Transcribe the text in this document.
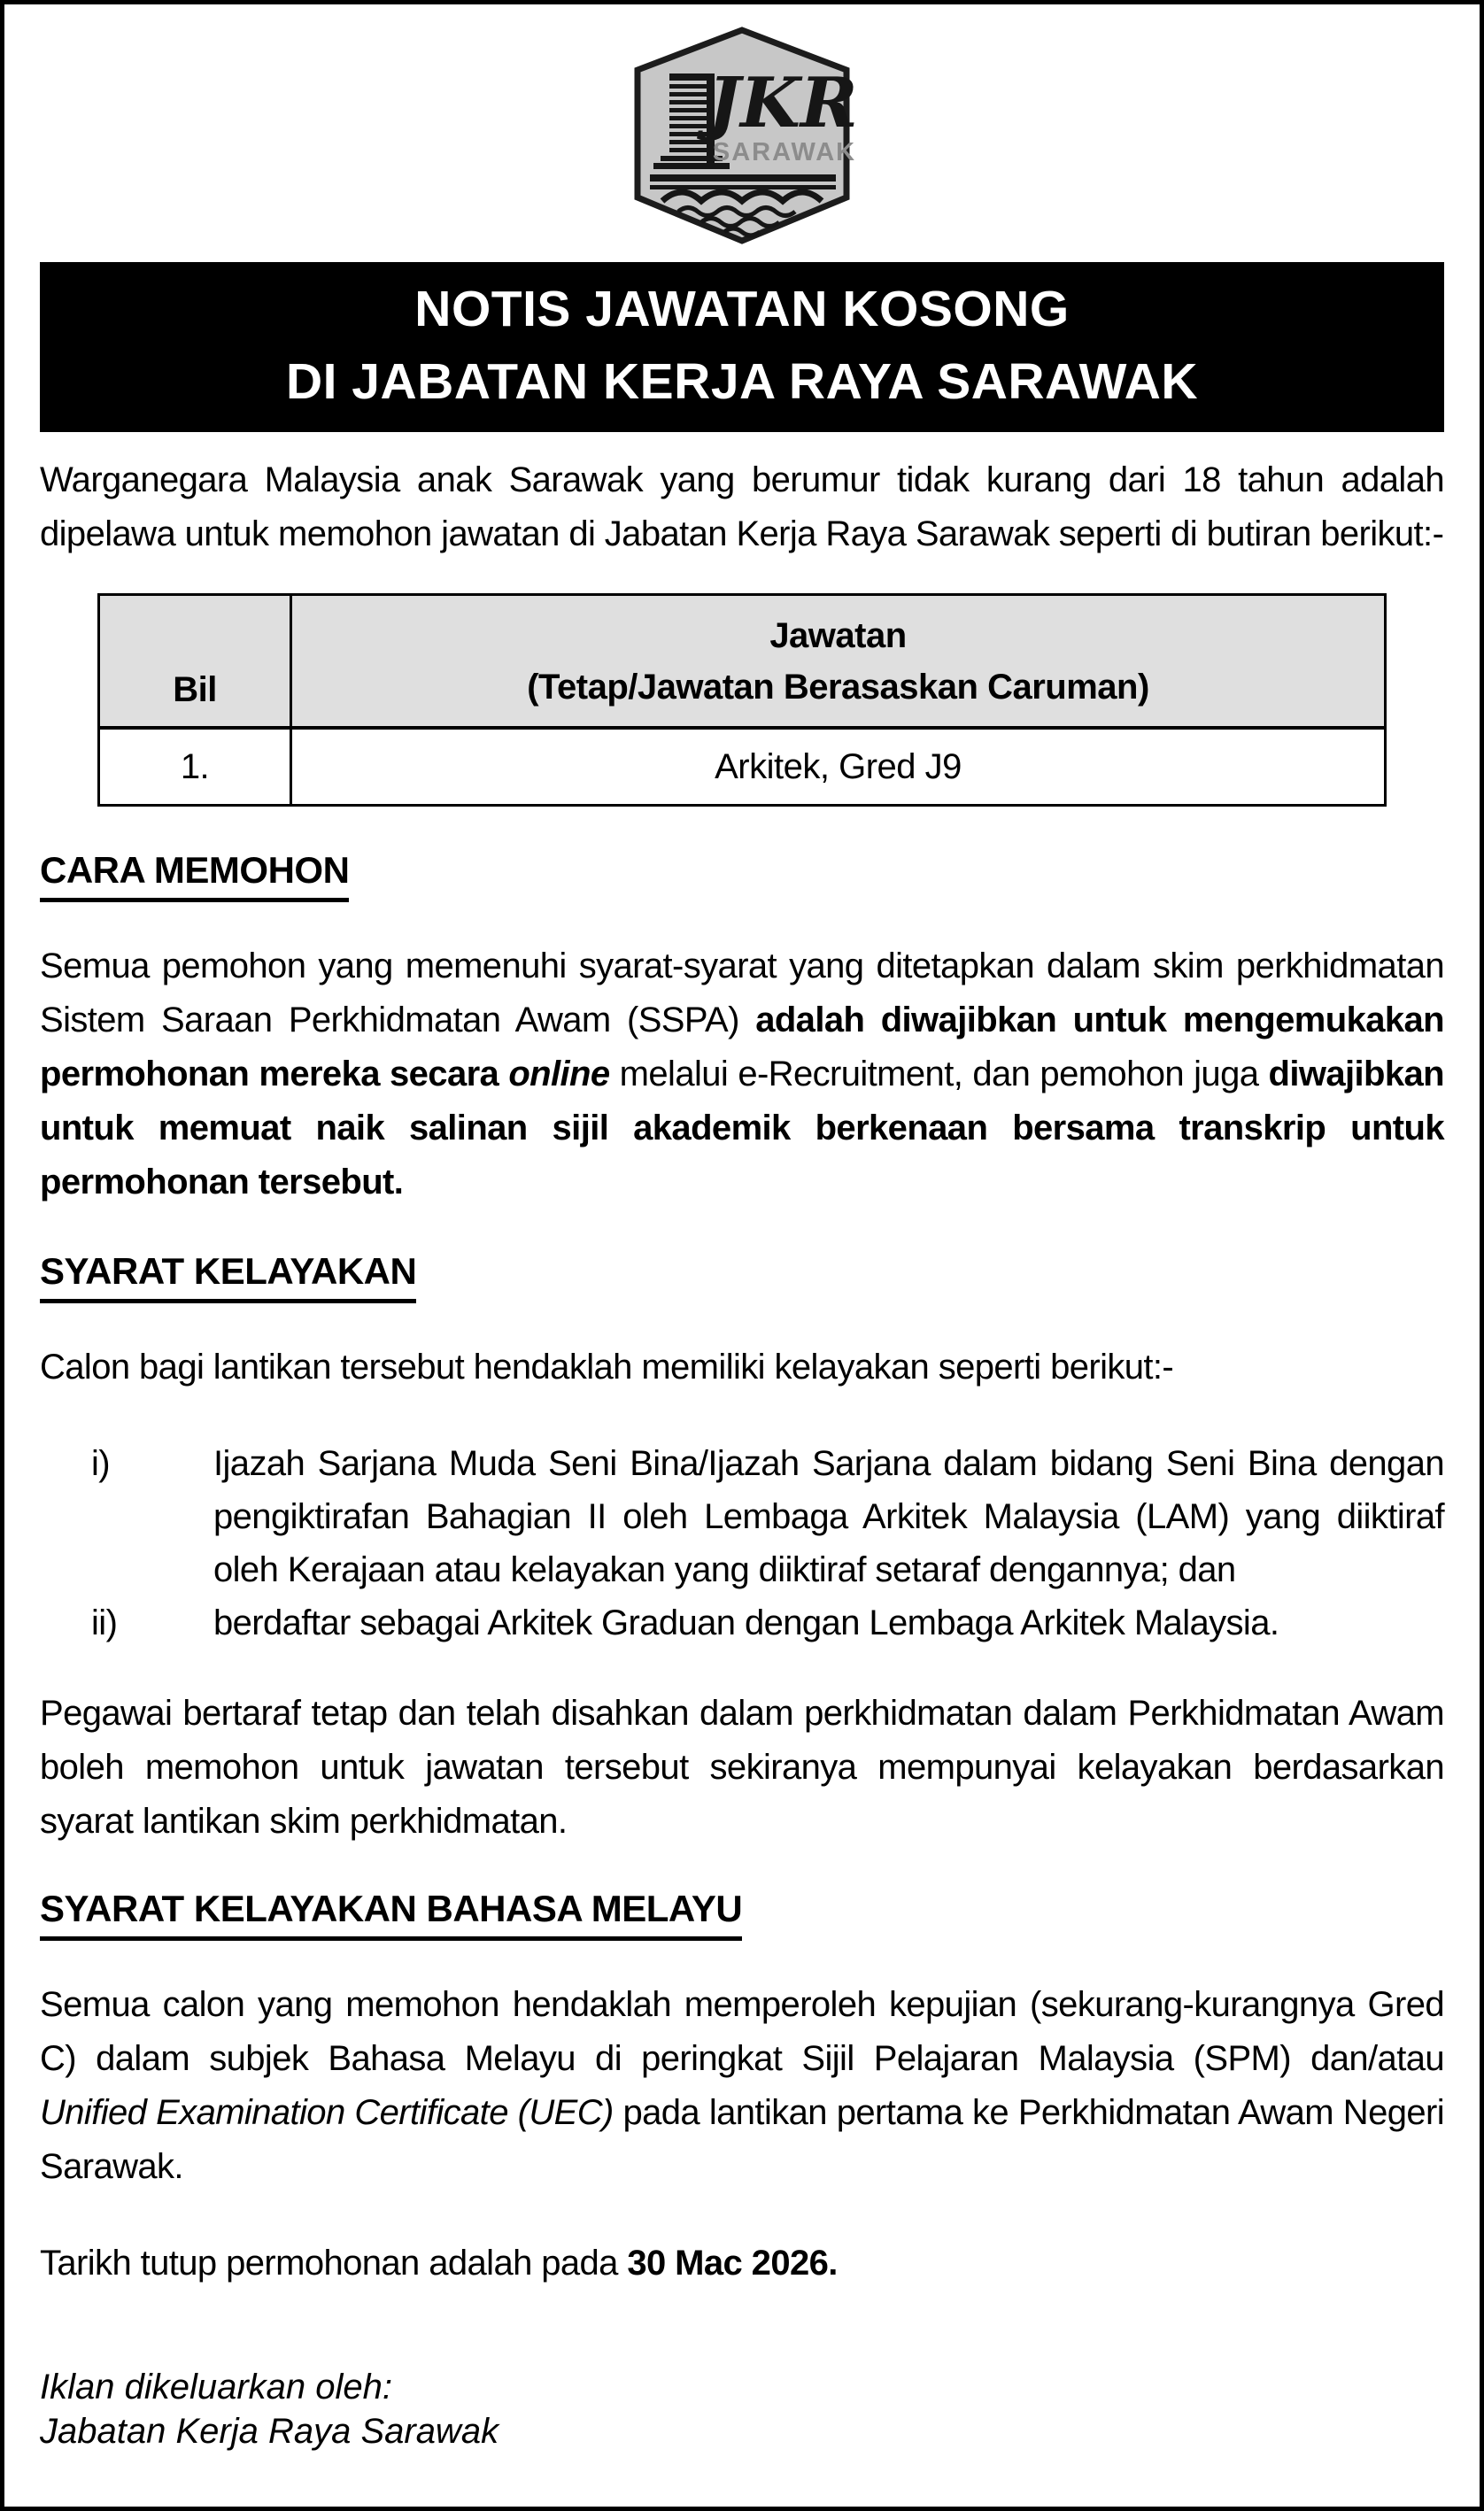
JKR
SARAWAK
NOTIS JAWATAN KOSONG
DI JABATAN KERJA RAYA SARAWAK

Warganegara Malaysia anak Sarawak yang berumur tidak kurang dari 18 tahun adalah dipelawa untuk memohon jawatan di Jabatan Kerja Raya Sarawak seperti di butiran berikut:-

Bil	Jawatan
(Tetap/Jawatan Berasaskan Caruman)

1.	Arkitek, Gred J9
CARA MEMOHON

Semua pemohon yang memenuhi syarat-syarat yang ditetapkan dalam skim perkhidmatan Sistem Saraan Perkhidmatan Awam (SSPA) adalah diwajibkan untuk mengemukakan permohonan mereka secara online melalui e-Recruitment, dan pemohon juga diwajibkan untuk memuat naik salinan sijil akademik berkenaan bersama transkrip untuk permohonan tersebut.

SYARAT KELAYAKAN

Calon bagi lantikan tersebut hendaklah memiliki kelayakan seperti berikut:-

i)	Ijazah Sarjana Muda Seni Bina/Ijazah Sarjana dalam bidang Seni Bina dengan pengiktirafan Bahagian II oleh Lembaga Arkitek Malaysia (LAM) yang diiktiraf oleh Kerajaan atau kelayakan yang diiktiraf setaraf dengannya; dan
ii)	berdaftar sebagai Arkitek Graduan dengan Lembaga Arkitek Malaysia.

Pegawai bertaraf tetap dan telah disahkan dalam perkhidmatan dalam Perkhidmatan Awam boleh memohon untuk jawatan tersebut sekiranya mempunyai kelayakan berdasarkan syarat lantikan skim perkhidmatan.

SYARAT KELAYAKAN BAHASA MELAYU

Semua calon yang memohon hendaklah memperoleh kepujian (sekurang-kurangnya Gred C) dalam subjek Bahasa Melayu di peringkat Sijil Pelajaran Malaysia (SPM) dan/atau Unified Examination Certificate (UEC) pada lantikan pertama ke Perkhidmatan Awam Negeri Sarawak.

Tarikh tutup permohonan adalah pada 30 Mac 2026.

Iklan dikeluarkan oleh:
Jabatan Kerja Raya Sarawak
